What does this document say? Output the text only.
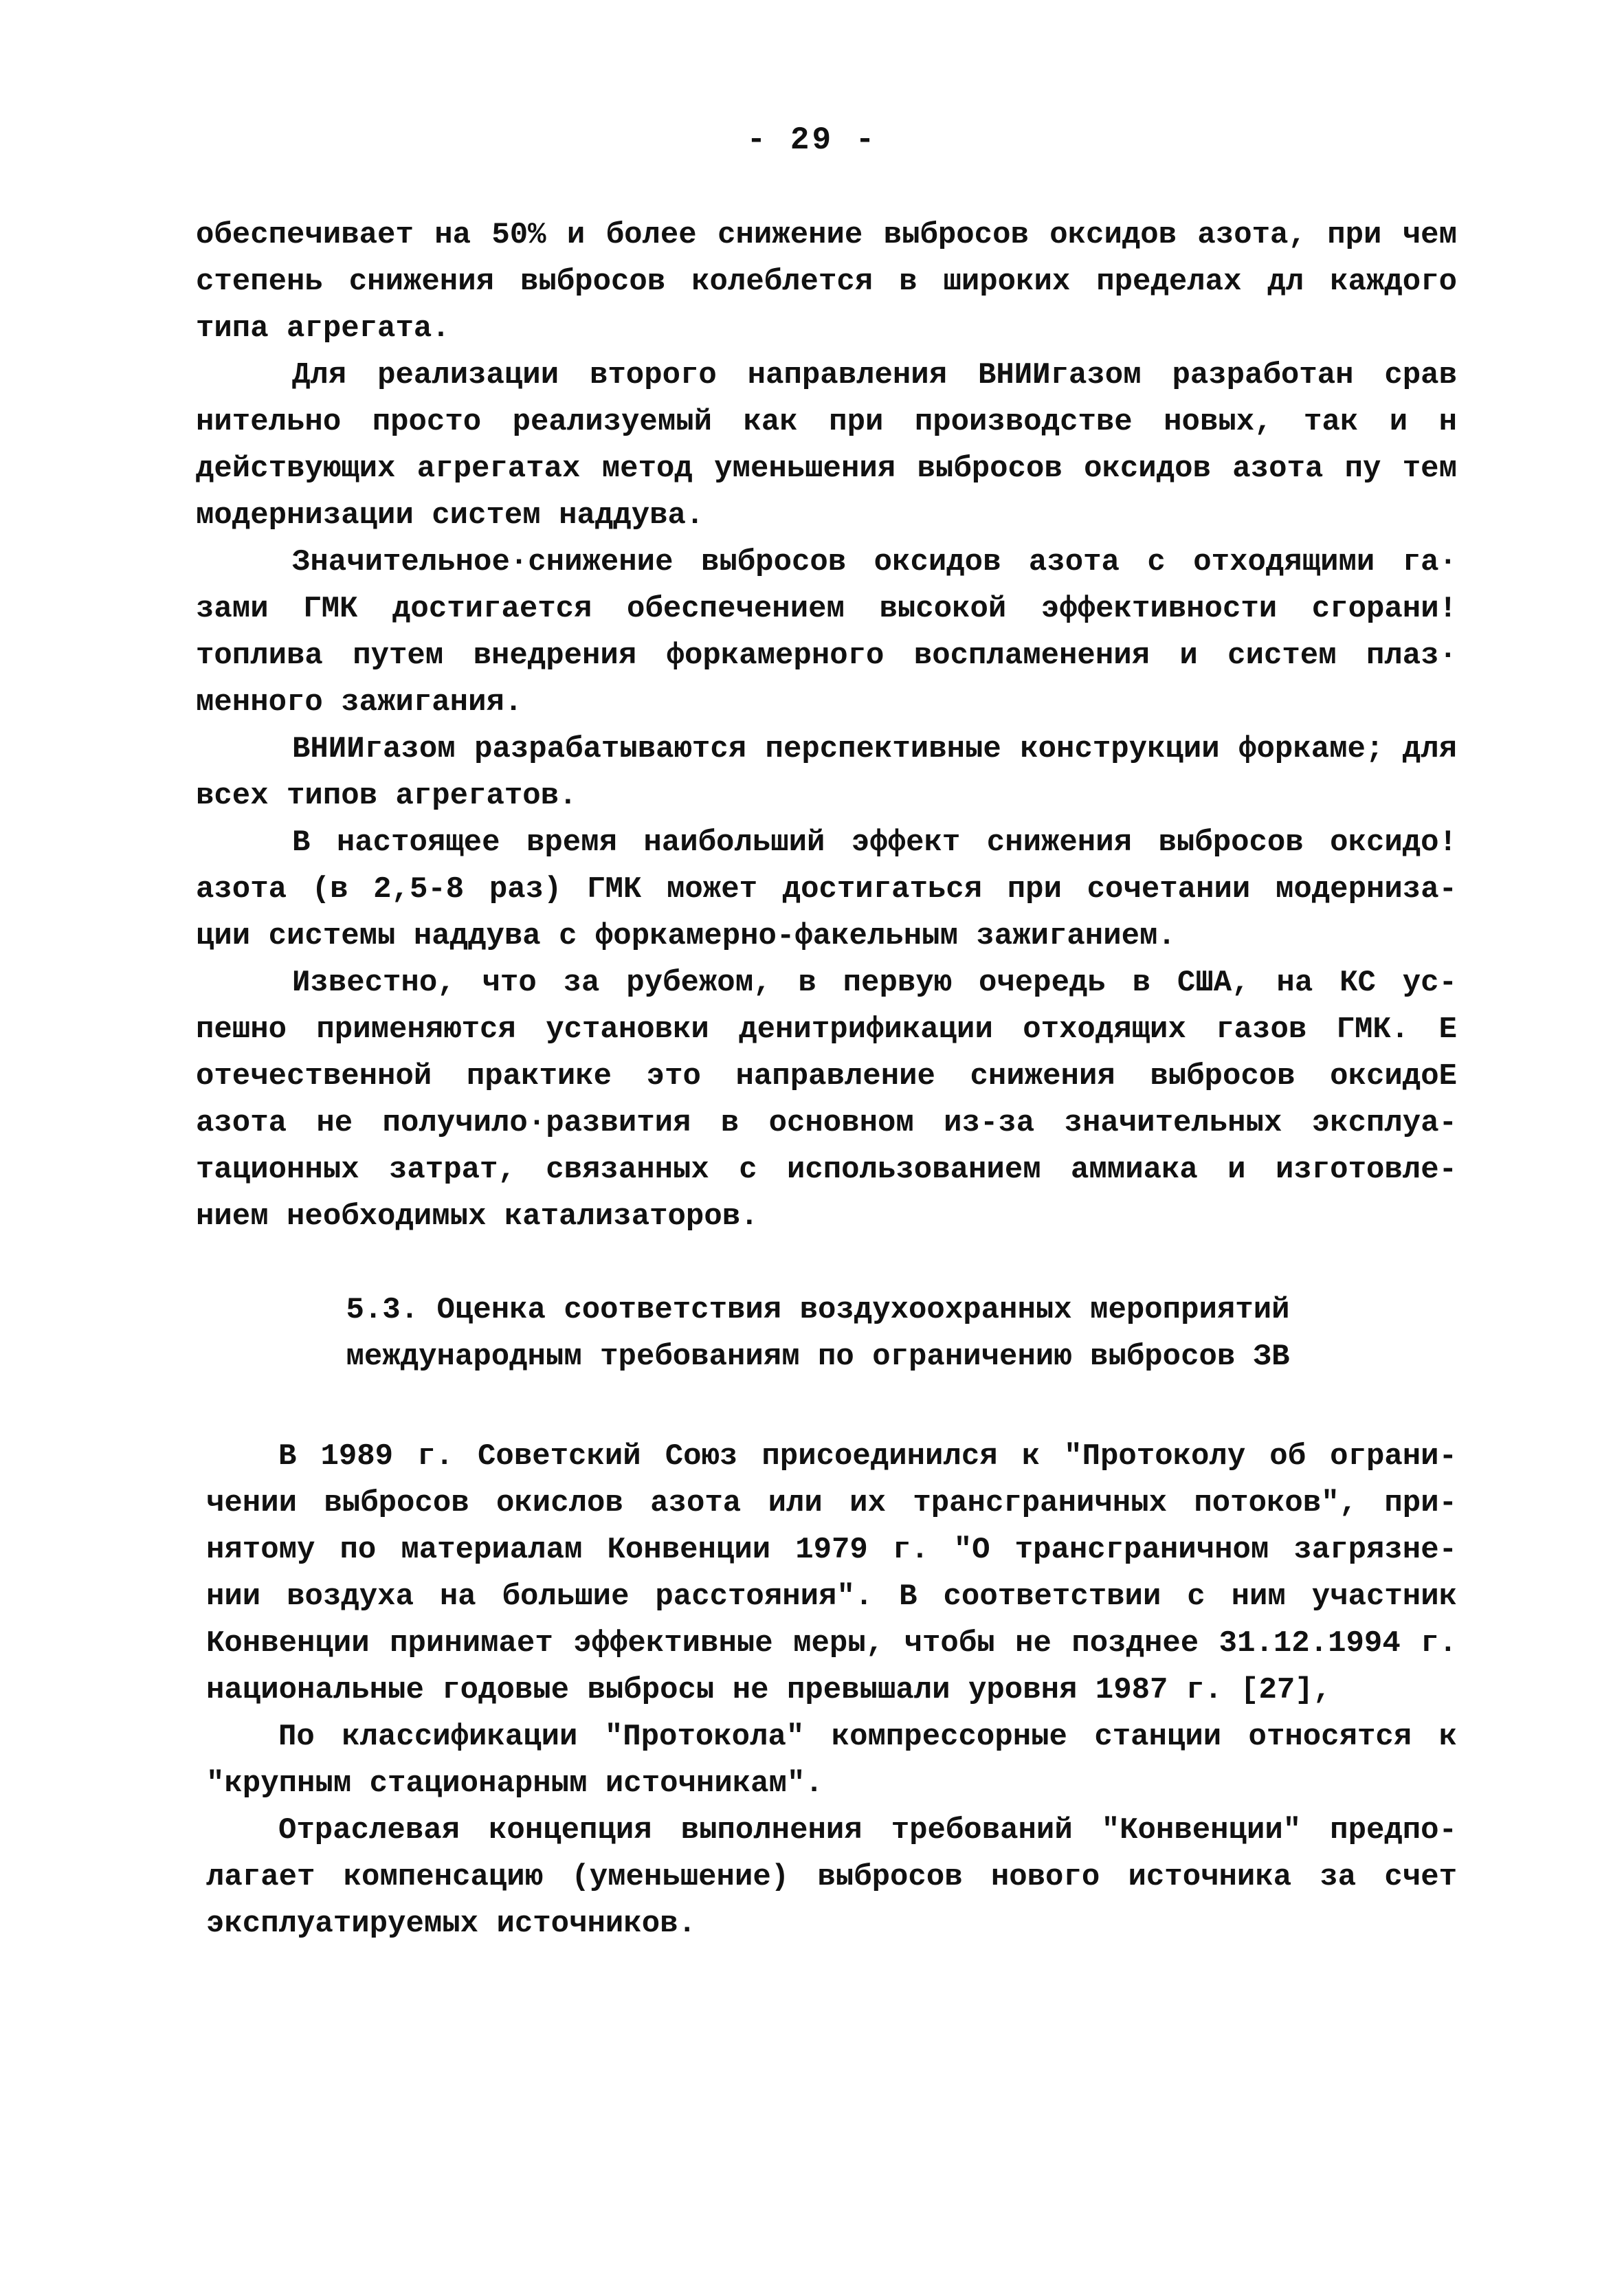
- 29 -

обеспечивает на 50% и более снижение выбросов оксидов азота, при чем степень снижения выбросов колеблется в широких пределах дл каждого типа агрегата.

Для реализации второго направления ВНИИгазом разработан срав нительно просто реализуемый как при производстве новых, так и н действующих агрегатах метод уменьшения выбросов оксидов азота пу тем модернизации систем наддува.

Значительное·снижение выбросов оксидов азота с отходящими га· зами ГМК достигается обеспечением высокой эффективности сгорани! топлива путем внедрения форкамерного воспламенения и систем плаз· менного зажигания.

ВНИИгазом разрабатываются перспективные конструкции форкаме; для всех типов агрегатов.

В настоящее время наибольший эффект снижения выбросов оксидо! азота (в 2,5-8 раз) ГМК может достигаться при сочетании модерниза- ции системы наддува с форкамерно-факельным зажиганием.

Известно, что за рубежом, в первую очередь в США, на КС ус- пешно применяются установки денитрификации отходящих газов ГМК. Е отечественной практике это направление снижения выбросов оксидоЕ азота не получило·развития в основном из-за значительных эксплуа- тационных затрат, связанных с использованием аммиака и изготовле- нием необходимых катализаторов.

5.3. Оценка соответствия воздухоохранных мероприятий
международным требованиям по ограничению выбросов ЗВ

В 1989 г. Советский Союз присоединился к "Протоколу об ограни- чении выбросов окислов азота или их трансграничных потоков", при- нятому по материалам Конвенции 1979 г. "О трансграничном загрязне- нии воздуха на большие расстояния". В соответствии с ним участник Конвенции принимает эффективные меры, чтобы не позднее 31.12.1994 г. национальные годовые выбросы не превышали уровня 1987 г. [27],

По классификации "Протокола" компрессорные станции относятся к "крупным стационарным источникам".

Отраслевая концепция выполнения требований "Конвенции" предпо- лагает компенсацию (уменьшение) выбросов нового источника за счет эксплуатируемых источников.
